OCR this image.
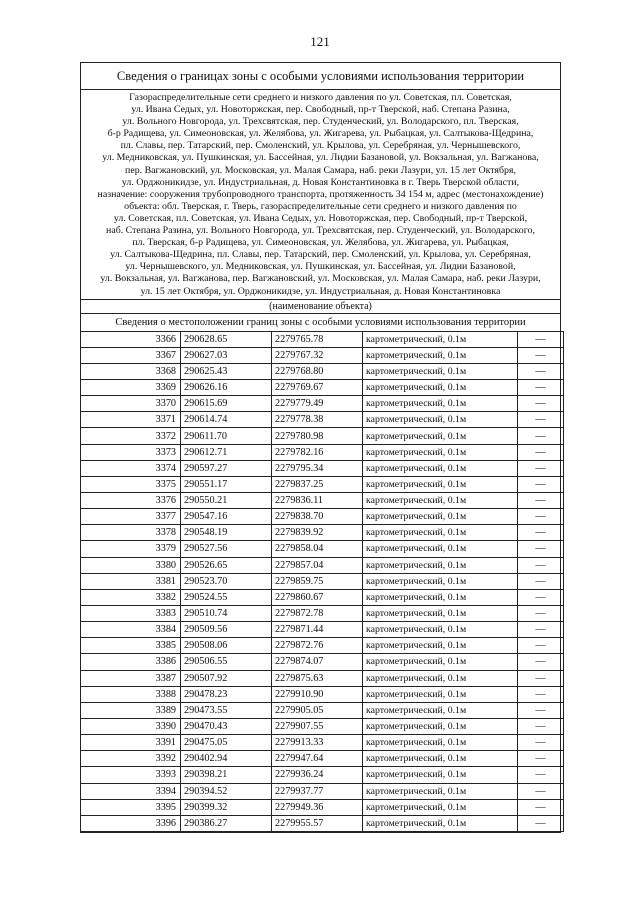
121
Сведения о границах зоны с особыми условиями использования территории
Газораспределительные сети среднего и низкого давления по ул. Советская, пл. Советская,
ул. Ивана Седых, ул. Новоторжская, пер. Свободный, пр-т Тверской, наб. Степана Разина,
ул. Вольного Новгорода, ул. Трехсвятская, пер. Студенческий, ул. Володарского, пл. Тверская,
б-р Радищева, ул. Симеоновская, ул. Желябова, ул. Жигарева, ул. Рыбацкая, ул. Салтыкова-Щедрина,
пл. Славы, пер. Татарский, пер. Смоленский, ул. Крылова, ул. Серебряная, ул. Чернышевского,
ул. Медниковская, ул. Пушкинская, ул. Бассейная, ул. Лидии Базановой, ул. Вокзальная, ул. Вагжанова,
пер. Вагжановский, ул. Московская, ул. Малая Самара, наб. реки Лазури, ул. 15 лет Октября,
ул. Орджоникидзе, ул. Индустриальная, д. Новая Константиновка в г. Тверь Тверской области,
назначение: сооружения трубопроводного транспорта, протяженность 34 154 м, адрес (местонахождение)
объекта: обл. Тверская, г. Тверь, газораспределительные сети среднего и низкого давления по
ул. Советская, пл. Советская, ул. Ивана Седых, ул. Новоторжская, пер. Свободный, пр-т Тверской,
наб. Степана Разина, ул. Вольного Новгорода, ул. Трехсвятская, пер. Студенческий, ул. Володарского,
пл. Тверская, б-р Радищева, ул. Симеоновская, ул. Желябова, ул. Жигарева, ул. Рыбацкая,
ул. Салтыкова-Щедрина, пл. Славы, пер. Татарский, пер. Смоленский, ул. Крылова, ул. Серебряная,
ул. Чернышевского, ул. Медниковская, ул. Пушкинская, ул. Бассейная, ул. Лидии Базановой,
ул. Вокзальная, ул. Вагжанова, пер. Вагжановский, ул. Московская, ул. Малая Самара, наб. реки Лазури,
ул. 15 лет Октября, ул. Орджоникидзе, ул. Индустриальная, д. Новая Константиновка
(наименование объекта)
Сведения о местоположении границ зоны с особыми условиями использования территории
3366	290628.65	2279765.78	картометрический, 0.1м	—
3367	290627.03	2279767.32	картометрический, 0.1м	—
3368	290625.43	2279768.80	картометрический, 0.1м	—
3369	290626.16	2279769.67	картометрический, 0.1м	—
3370	290615.69	2279779.49	картометрический, 0.1м	—
3371	290614.74	2279778.38	картометрический, 0.1м	—
3372	290611.70	2279780.98	картометрический, 0.1м	—
3373	290612.71	2279782.16	картометрический, 0.1м	—
3374	290597.27	2279795.34	картометрический, 0.1м	—
3375	290551.17	2279837.25	картометрический, 0.1м	—
3376	290550.21	2279836.11	картометрический, 0.1м	—
3377	290547.16	2279838.70	картометрический, 0.1м	—
3378	290548.19	2279839.92	картометрический, 0.1м	—
3379	290527.56	2279858.04	картометрический, 0.1м	—
3380	290526.65	2279857.04	картометрический, 0.1м	—
3381	290523.70	2279859.75	картометрический, 0.1м	—
3382	290524.55	2279860.67	картометрический, 0.1м	—
3383	290510.74	2279872.78	картометрический, 0.1м	—
3384	290509.56	2279871.44	картометрический, 0.1м	—
3385	290508.06	2279872.76	картометрический, 0.1м	—
3386	290506.55	2279874.07	картометрический, 0.1м	—
3387	290507.92	2279875.63	картометрический, 0.1м	—
3388	290478.23	2279910.90	картометрический, 0.1м	—
3389	290473.55	2279905.05	картометрический, 0.1м	—
3390	290470.43	2279907.55	картометрический, 0.1м	—
3391	290475.05	2279913.33	картометрический, 0.1м	—
3392	290402.94	2279947.64	картометрический, 0.1м	—
3393	290398.21	2279936.24	картометрический, 0.1м	—
3394	290394.52	2279937.77	картометрический, 0.1м	—
3395	290399.32	2279949.36	картометрический, 0.1м	—
3396	290386.27	2279955.57	картометрический, 0.1м	—
